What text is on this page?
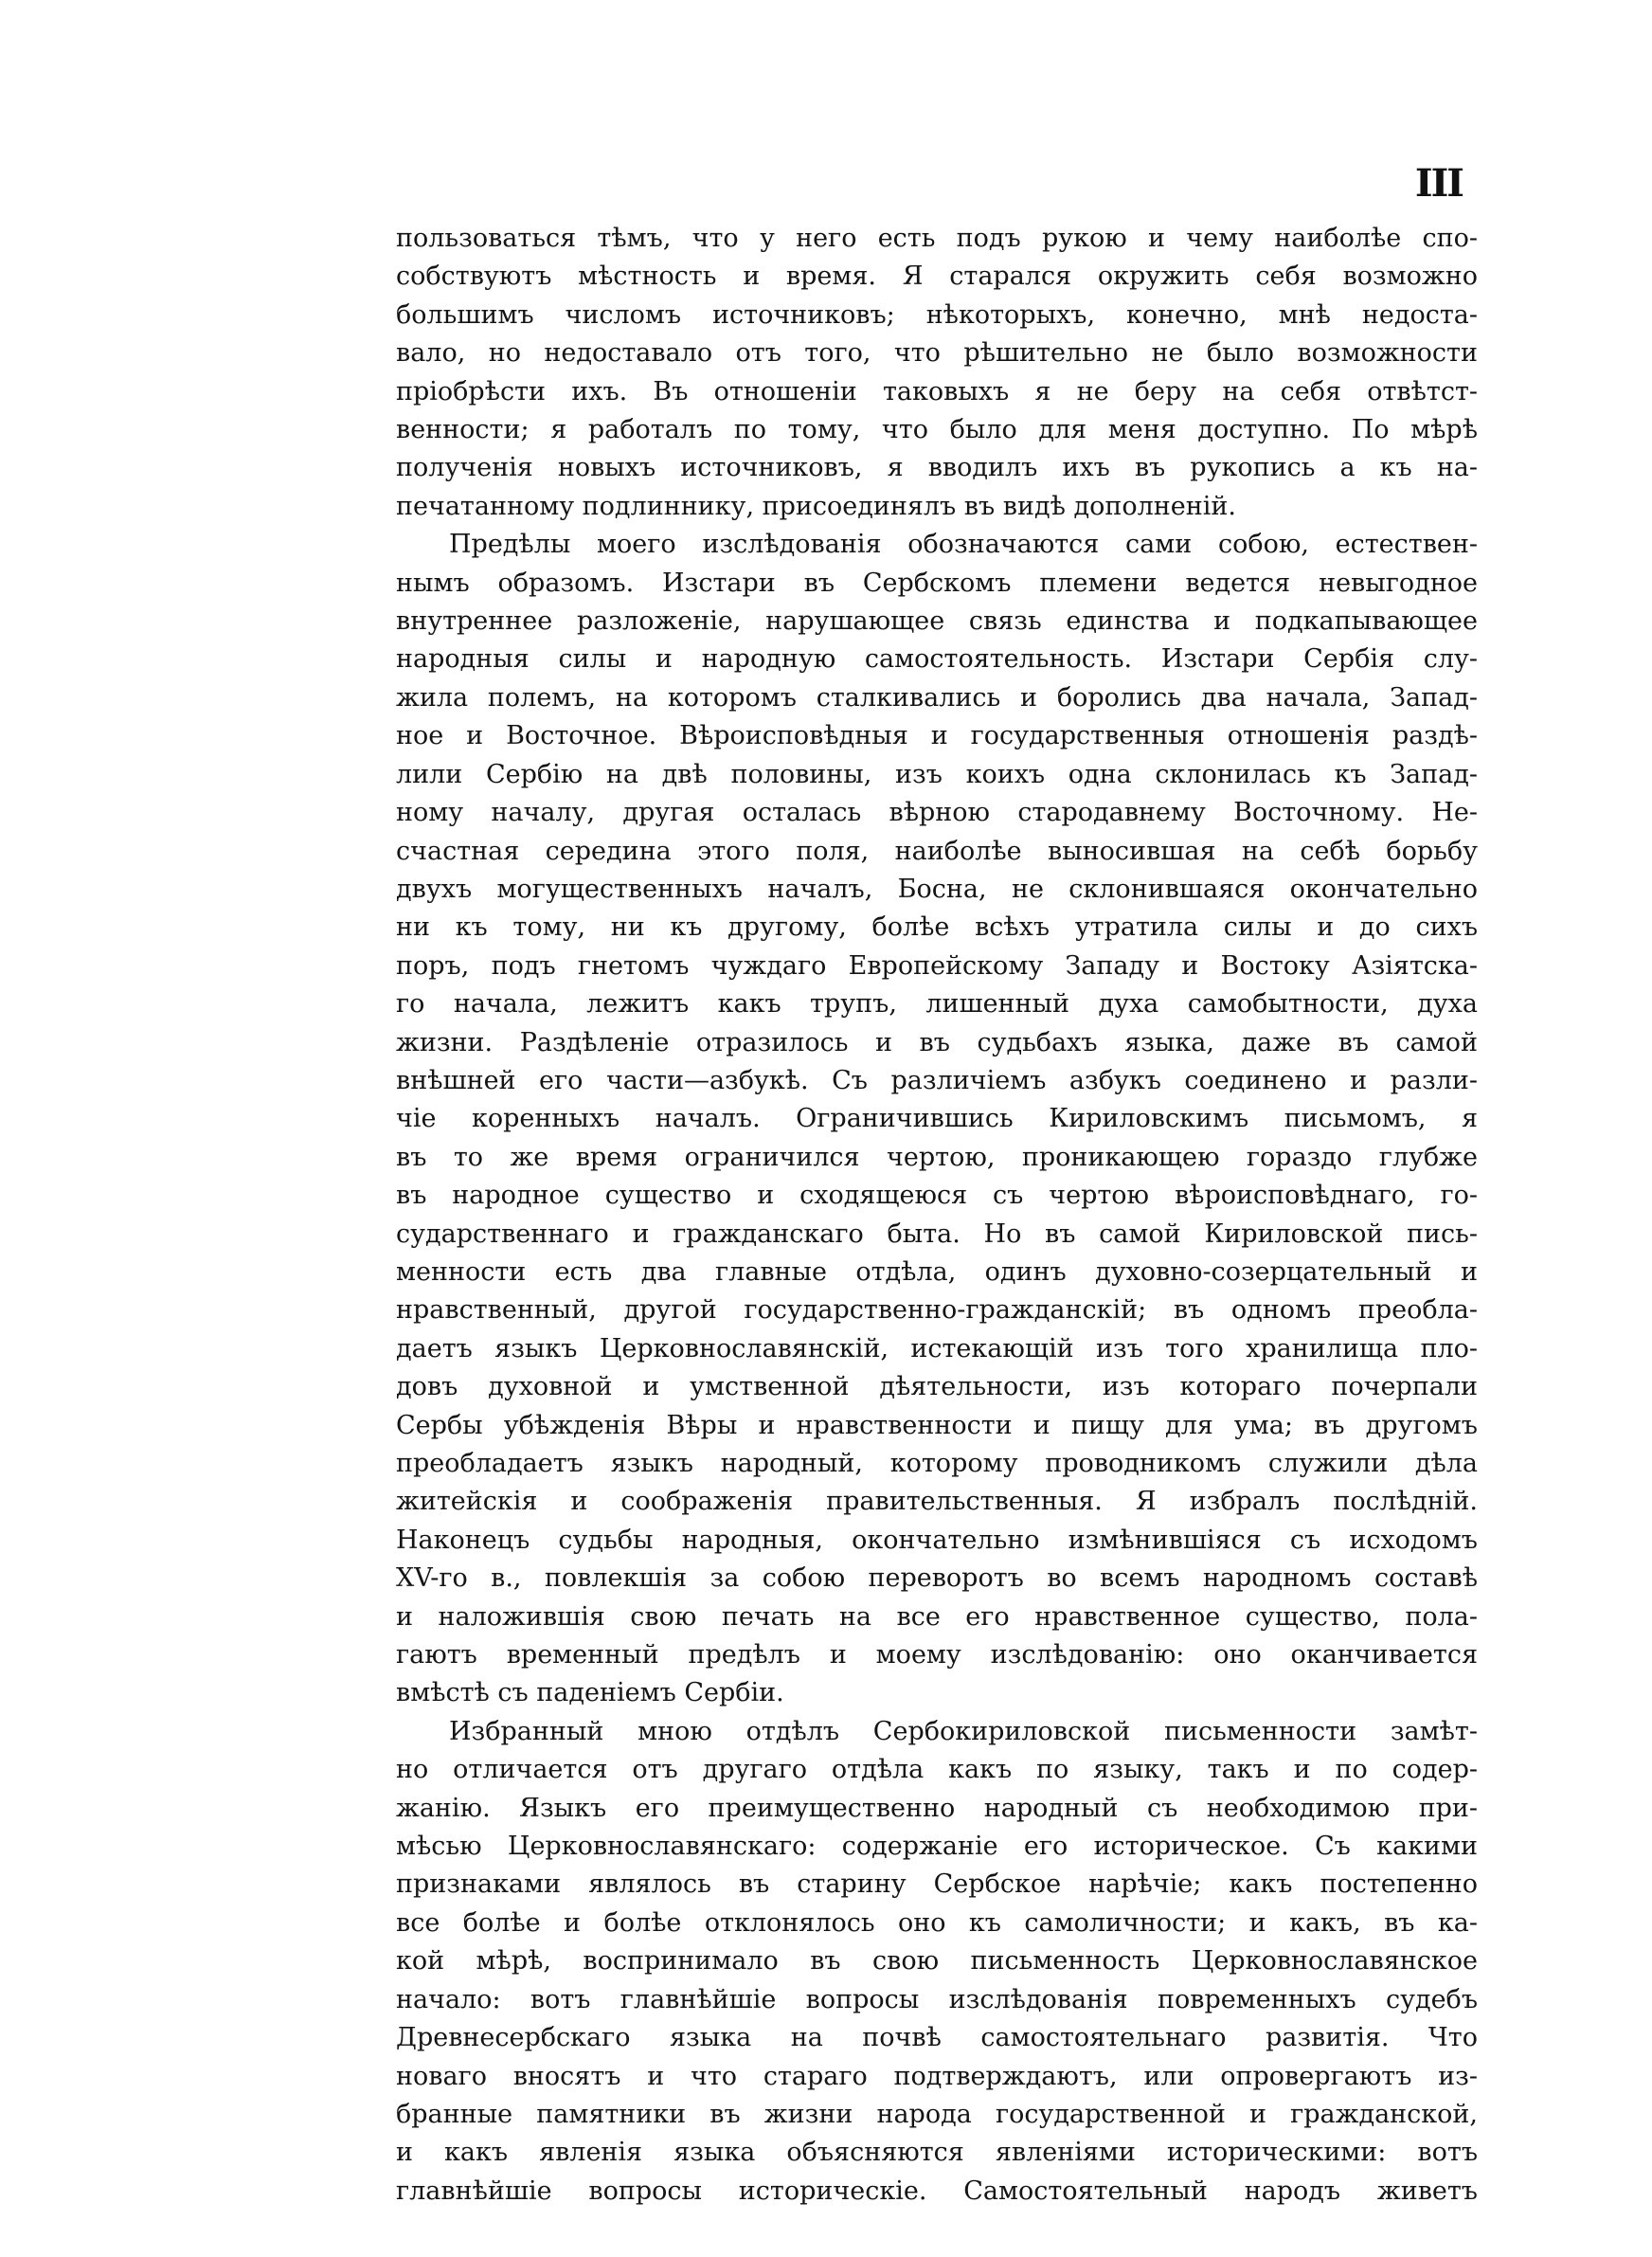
III
пользоваться тѣмъ, что у него есть подъ рукою и чему наиболѣе спо-
собствуютъ мѣстность и время. Я старался окружить себя возможно
большимъ числомъ источниковъ; нѣкоторыхъ, конечно, мнѣ недоста-
вало, но недоставало отъ того, что рѣшительно не было возможности
пріобрѣсти ихъ. Въ отношеніи таковыхъ я не беру на себя отвѣтст-
венности; я работалъ по тому, что было для меня доступно. По мѣрѣ
полученія новыхъ источниковъ, я вводилъ ихъ въ рукопись а къ на-
печатанному подлиннику, присоединялъ въ видѣ дополненій.
Предѣлы моего изслѣдованія обозначаются сами собою, естествен-
нымъ образомъ. Изстари въ Сербскомъ племени ведется невыгодное
внутреннее разложеніе, нарушающее связь единства и подкапывающее
народныя силы и народную самостоятельность. Изстари Сербія слу-
жила полемъ, на которомъ сталкивались и боролись два начала, Запад-
ное и Восточное. Вѣроисповѣдныя и государственныя отношенія раздѣ-
лили Сербію на двѣ половины, изъ коихъ одна склонилась къ Запад-
ному началу, другая осталась вѣрною стародавнему Восточному. Не-
счастная середина этого поля, наиболѣе выносившая на себѣ борьбу
двухъ могущественныхъ началъ, Босна, не склонившаяся окончательно
ни къ тому, ни къ другому, болѣе всѣхъ утратила силы и до сихъ
поръ, подъ гнетомъ чуждаго Европейскому Западу и Востоку Азіятска-
го начала, лежитъ какъ трупъ, лишенный духа самобытности, духа
жизни. Раздѣленіе отразилось и въ судьбахъ языка, даже въ самой
внѣшней его части—азбукѣ. Съ различіемъ азбукъ соединено и разли-
чіе коренныхъ началъ. Ограничившись Кириловскимъ письмомъ, я
въ то же время ограничился чертою, проникающею гораздо глубже
въ народное существо и сходящеюся съ чертою вѣроисповѣднаго, го-
сударственнаго и гражданскаго быта. Но въ самой Кириловской пись-
менности есть два главные отдѣла, одинъ духовно-созерцательный и
нравственный, другой государственно-гражданскій; въ одномъ преобла-
даетъ языкъ Церковнославянскій, истекающій изъ того хранилища пло-
довъ духовной и умственной дѣятельности, изъ котораго почерпали
Сербы убѣжденія Вѣры и нравственности и пищу для ума; въ другомъ
преобладаетъ языкъ народный, которому проводникомъ служили дѣла
житейскія и соображенія правительственныя. Я избралъ послѣдній.
Наконецъ судьбы народныя, окончательно измѣнившіяся съ исходомъ
XV-го в., повлекшія за собою переворотъ во всемъ народномъ составѣ
и наложившія свою печать на все его нравственное существо, пола-
гаютъ временный предѣлъ и моему изслѣдованію: оно оканчивается
вмѣстѣ съ паденіемъ Сербіи.
Избранный мною отдѣлъ Сербокириловской письменности замѣт-
но отличается отъ другаго отдѣла какъ по языку, такъ и по содер-
жанію. Языкъ его преимущественно народный съ необходимою при-
мѣсью Церковнославянскаго: содержаніе его историческое. Съ какими
признаками являлось въ старину Сербское нарѣчіе; какъ постепенно
все болѣе и болѣе отклонялось оно къ самоличности; и какъ, въ ка-
кой мѣрѣ, воспринимало въ свою письменность Церковнославянское
начало: вотъ главнѣйшіе вопросы изслѣдованія повременныхъ судебъ
Древнесербскаго языка на почвѣ самостоятельнаго развитія. Что
новаго вносятъ и что стараго подтверждаютъ, или опровергаютъ из-
бранные памятники въ жизни народа государственной и гражданской,
и какъ явленія языка объясняются явленіями историческими: вотъ
главнѣйшіе вопросы историческіе. Самостоятельный народъ живетъ
